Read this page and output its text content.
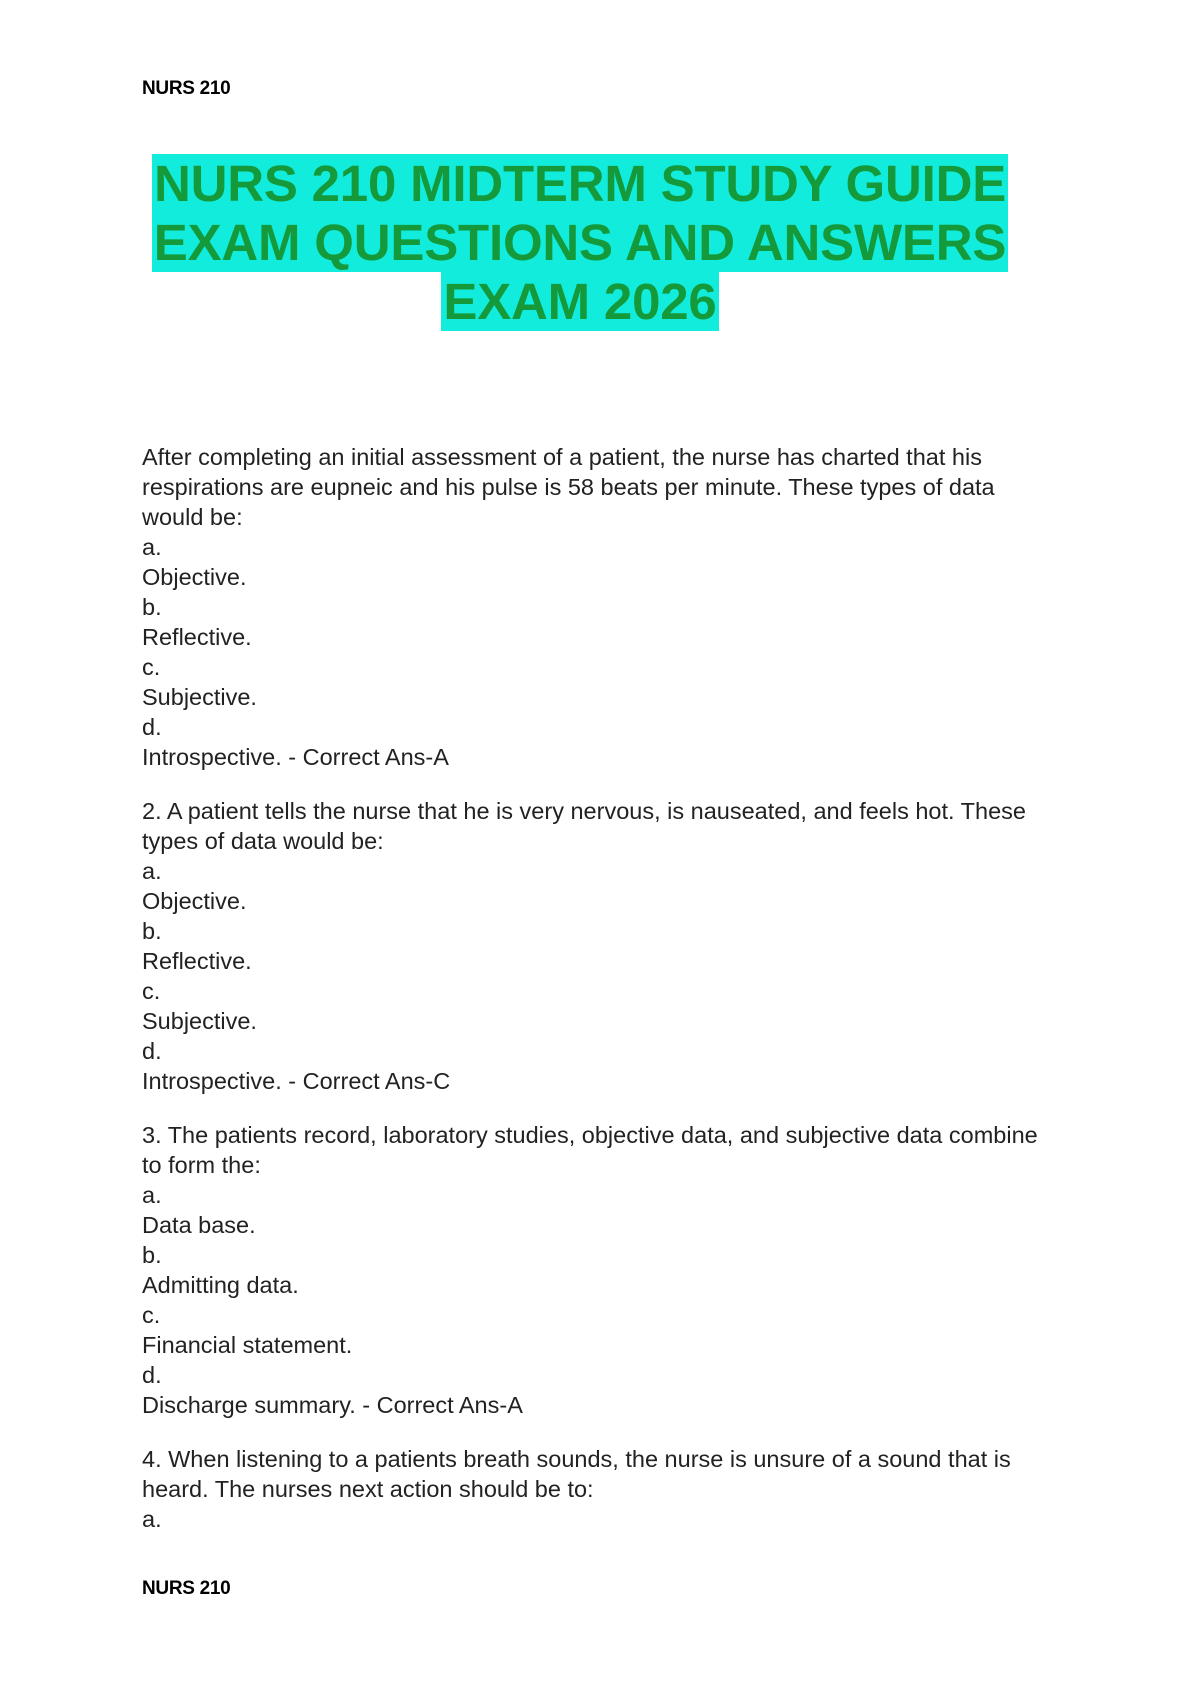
NURS 210
NURS 210 MIDTERM STUDY GUIDE
EXAM QUESTIONS AND ANSWERS
EXAM 2026
After completing an initial assessment of a patient, the nurse has charted that his respirations are eupneic and his pulse is 58 beats per minute. These types of data would be:
a.
Objective.
b.
Reflective.
c.
Subjective.
d.
Introspective. - Correct Ans-A
2. A patient tells the nurse that he is very nervous, is nauseated, and feels hot. These types of data would be:
a.
Objective.
b.
Reflective.
c.
Subjective.
d.
Introspective. - Correct Ans-C
3. The patients record, laboratory studies, objective data, and subjective data combine to form the:
a.
Data base.
b.
Admitting data.
c.
Financial statement.
d.
Discharge summary. - Correct Ans-A
4. When listening to a patients breath sounds, the nurse is unsure of a sound that is heard. The nurses next action should be to:
a.
NURS 210
